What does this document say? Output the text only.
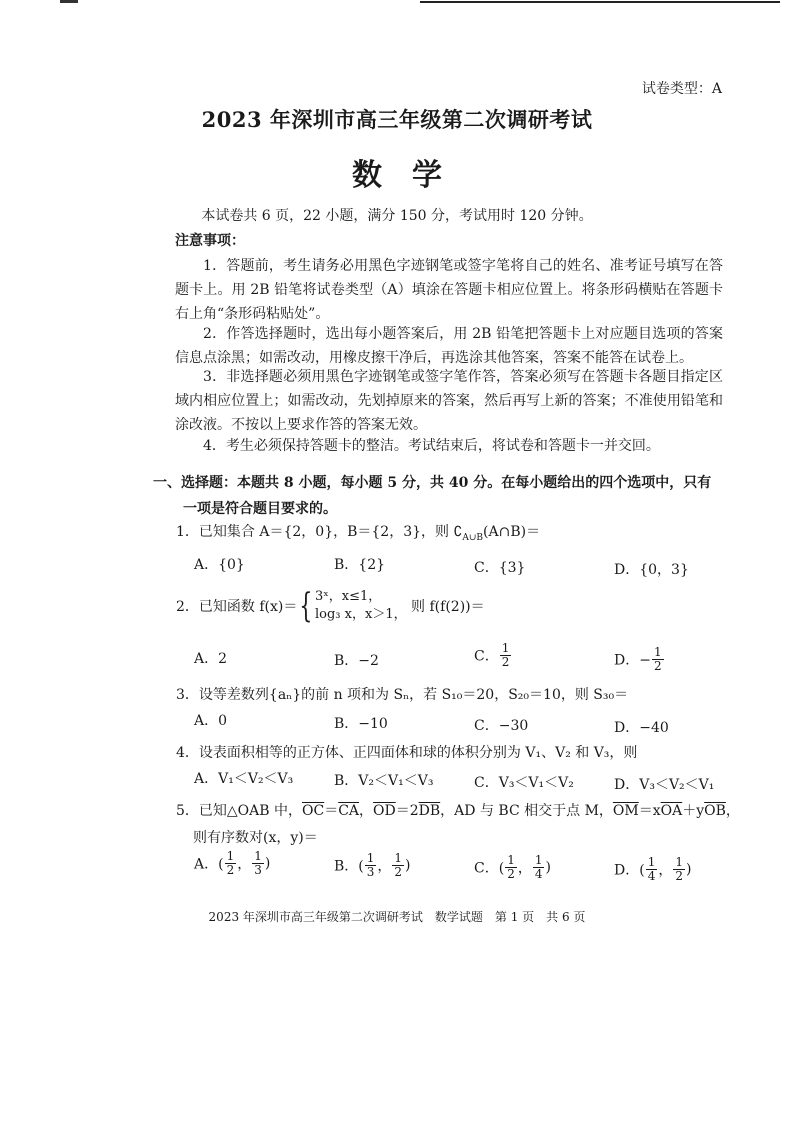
试卷类型：A
2023 年深圳市高三年级第二次调研考试
数学
本试卷共 6 页，22 小题，满分 150 分，考试用时 120 分钟。
注意事项：
1．答题前，考生请务必用黑色字迹钢笔或签字笔将自己的姓名、准考证号填写在答题卡上。用 2B 铅笔将试卷类型（A）填涂在答题卡相应位置上。将条形码横贴在答题卡右上角“条形码粘贴处”。
2．作答选择题时，选出每小题答案后，用 2B 铅笔把答题卡上对应题目选项的答案信息点涂黑；如需改动，用橡皮擦干净后，再选涂其他答案，答案不能答在试卷上。
3．非选择题必须用黑色字迹钢笔或签字笔作答，答案必须写在答题卡各题目指定区域内相应位置上；如需改动，先划掉原来的答案，然后再写上新的答案；不准使用铅笔和涂改液。不按以上要求作答的答案无效。
4．考生必须保持答题卡的整洁。考试结束后，将试卷和答题卡一并交回。
一、选择题：本题共 8 小题，每小题 5 分，共 40 分。在每小题给出的四个选项中，只有
一项是符合题目要求的。
1．已知集合 A＝{2，0}，B＝{2，3}，则 $∁_{A\cup B}(A\cap B)=$
A．{0}	B．{2}	C．{3}	D．{0，3}
2．已知函数 f(x)＝{ 3ˣ，x≤1，
log₃ x，x＞1， 则 f(f(2))＝
A．2	B．−2	C． $\frac{1}{2}$	D．− $\frac{1}{2}$
3．设等差数列{aₙ}的前 n 项和为 Sₙ，若 S₁₀＝20，S₂₀＝10，则 S₃₀＝
A．0	B．−10	C．−30	D．−40
4．设表面积相等的正方体、正四面体和球的体积分别为 V₁、V₂ 和 V₃，则
A．V₁＜V₂＜V₃	B．V₂＜V₁＜V₃	C．V₃＜V₁＜V₂	D．V₃＜V₂＜V₁
5．已知△OAB 中，$\overline{OC}=\overline{CA}$，$\overline{OD}=2\overline{DB}$，AD 与 BC 相交于点 M，$\overline{OM}=x\overline{OA}+y\overline{OB}$，
则有序数对(x，y)＝
A．( $\frac{1}{2}$ ， $\frac{1}{3}$ )	B．( $\frac{1}{3}$ ， $\frac{1}{2}$ )	C．( $\frac{1}{2}$ ， $\frac{1}{4}$ )	D．( $\frac{1}{4}$ ， $\frac{1}{2}$ )
2023 年深圳市高三年级第二次调研考试　数学试题　第 1 页　共 6 页
